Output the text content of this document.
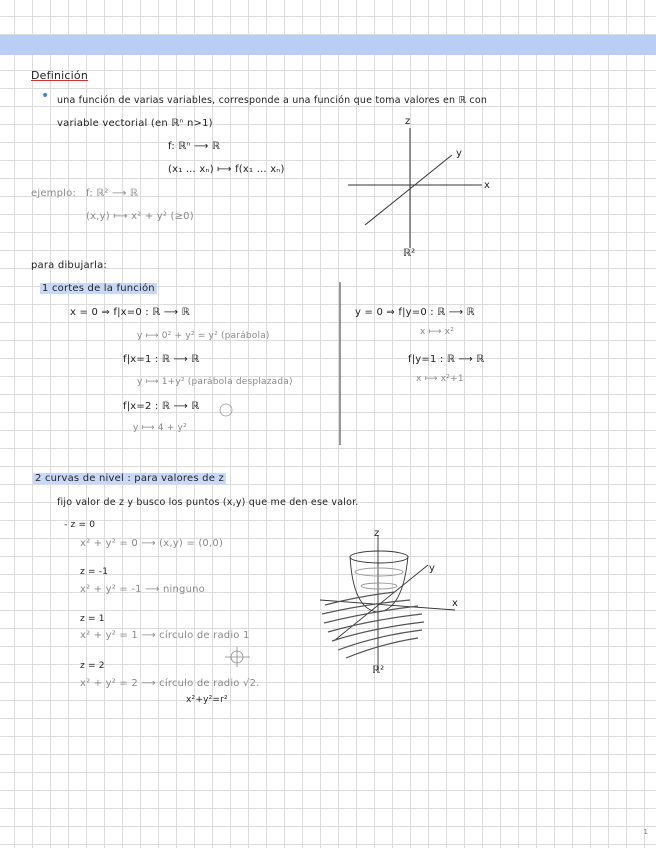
Definición
• una función de varias variables, corresponde a una función que toma valores en ℝ con
variable vectorial (en ℝⁿ n>1)
f: ℝⁿ ⟶ ℝ
(x₁ … xₙ) ⟼ f(x₁ … xₙ)
z
y
x
ℝ²
ejemplo: f: ℝ² ⟶ ℝ
(x,y) ⟼ x² + y² (≥0)
para dibujarla:
1 cortes de la función
x = 0 ⇒ f|x=0 : ℝ ⟶ ℝ
y ⟼ 0² + y² = y² (parábola)
f|x=1 : ℝ ⟶ ℝ
y ⟼ 1+y² (parábola desplazada)
f|x=2 : ℝ ⟶ ℝ
y ⟼ 4 + y²
y = 0 ⇒ f|y=0 : ℝ ⟶ ℝ
x ⟼ x²
f|y=1 : ℝ ⟶ ℝ
x ⟼ x²+1
2 curvas de nivel : para valores de z
fijo valor de z y busco los puntos (x,y) que me den ese valor.
- z = 0
x² + y² = 0 ⟶ (x,y) = (0,0)
z = -1
x² + y² = -1 ⟶ ninguno
z = 1
x² + y² = 1 ⟶ círculo de radio 1
z = 2
x² + y² = 2 ⟶ círculo de radio √2.
x²+y²=r²
z
y
x
ℝ²
1
